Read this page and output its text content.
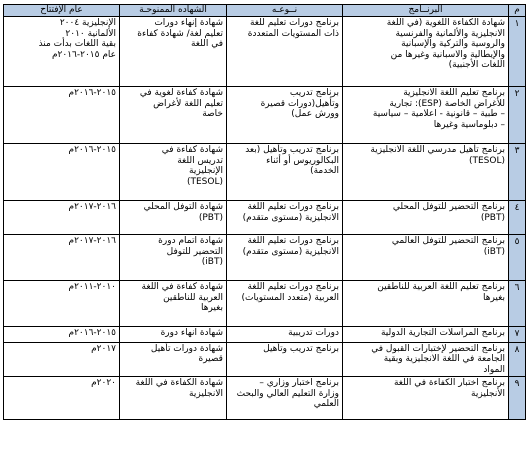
م	البرنــامج	نــوعـه	الشهاده الممنوحـة	عام الإفتتاح
١	شهادة الكفاءة اللغوية (في اللغة
الانجليزية والألمانية والفرنسية
والروسية والتركية والإسبانية
والإيطالية والاسبانية وغيرها من
اللغات الأجنبية)	برنامج دورات تعليم للغة
ذات المستويات المتعددة	شهادة إنهاء دورات
تعليم لغة/ شهادة كفاءة
في اللغة	الإنجليزية ٢٠٠٤
الألمانية ٢٠١٠
بقية اللغات بدأت منذ
عام ٢٠١٥-٢٠١٦م

٢	برنامج تعليم اللغة الانجليزية
للأغراض الخاصة (ESP): تجارية
– طبية – قانونية - اعلامية – سياسية
– دبلوماسية وغيرها	برنامج تدريب
وتأهيل(دورات قصيرة
وورش عمل)	شهادة كفاءة لغوية في
تعليم اللغة لأغراض
خاصة	٢٠١٥-٢٠١٦م

٣	برنامج تأهيل مدرسي اللغة الانجليزية
(TESOL)	برنامج تدريب وتأهيل (بعد
البكالوريوس أو أثناء
الخدمة)	شهادة كفاءة في
تدريس اللغة
الإنجليزية
(TESOL)	٢٠١٥-٢٠١٦م

٤	برنامج التحضير للتوفل المحلي
(PBT)	برنامج دورات تعليم اللغة
الانجليزية (مستوى متقدم)	شهادة التوفل المحلي
(PBT)	٢٠١٦-٢٠١٧م

٥	برنامج التحضير للتوفل العالمي
(iBT)	برنامج دورات تعليم اللغة
الانجليزية (مستوى متقدم)	شهادة اتمام دورة
التحضير للتوفل
(iBT)	٢٠١٦-٢٠١٧م

٦	برنامج تعليم اللغة العربية للناطقين
بغيرها	برنامج دورات تعليم اللغة
العربية (متعدد المستويات)	شهادة كفاءة في اللغة
العربية للناطقين
بغيرها	٢٠١٠-٢٠١١م

٧	برنامج المراسلات التجارية الدولية	دورات تدريبية	شهادة انهاء دورة	٢٠١٥-٢٠١٦م

٨	برنامج التحضير لإختبارات القبول في
الجامعة في اللغة الانجليزية وبقية
المواد	برنامج تدريب وتأهيل	شهادة دورات تأهيل
قصيرة	٢٠١٧م

٩	برنامج اختبار الكفاءة في اللغة
الأنجليزية	برنامج اختبار وزاري –
وزارة التعليم العالي والبحث
العلمي	شهادة الكفاءة في اللغة
الانجليزية	٢٠٢٠م
